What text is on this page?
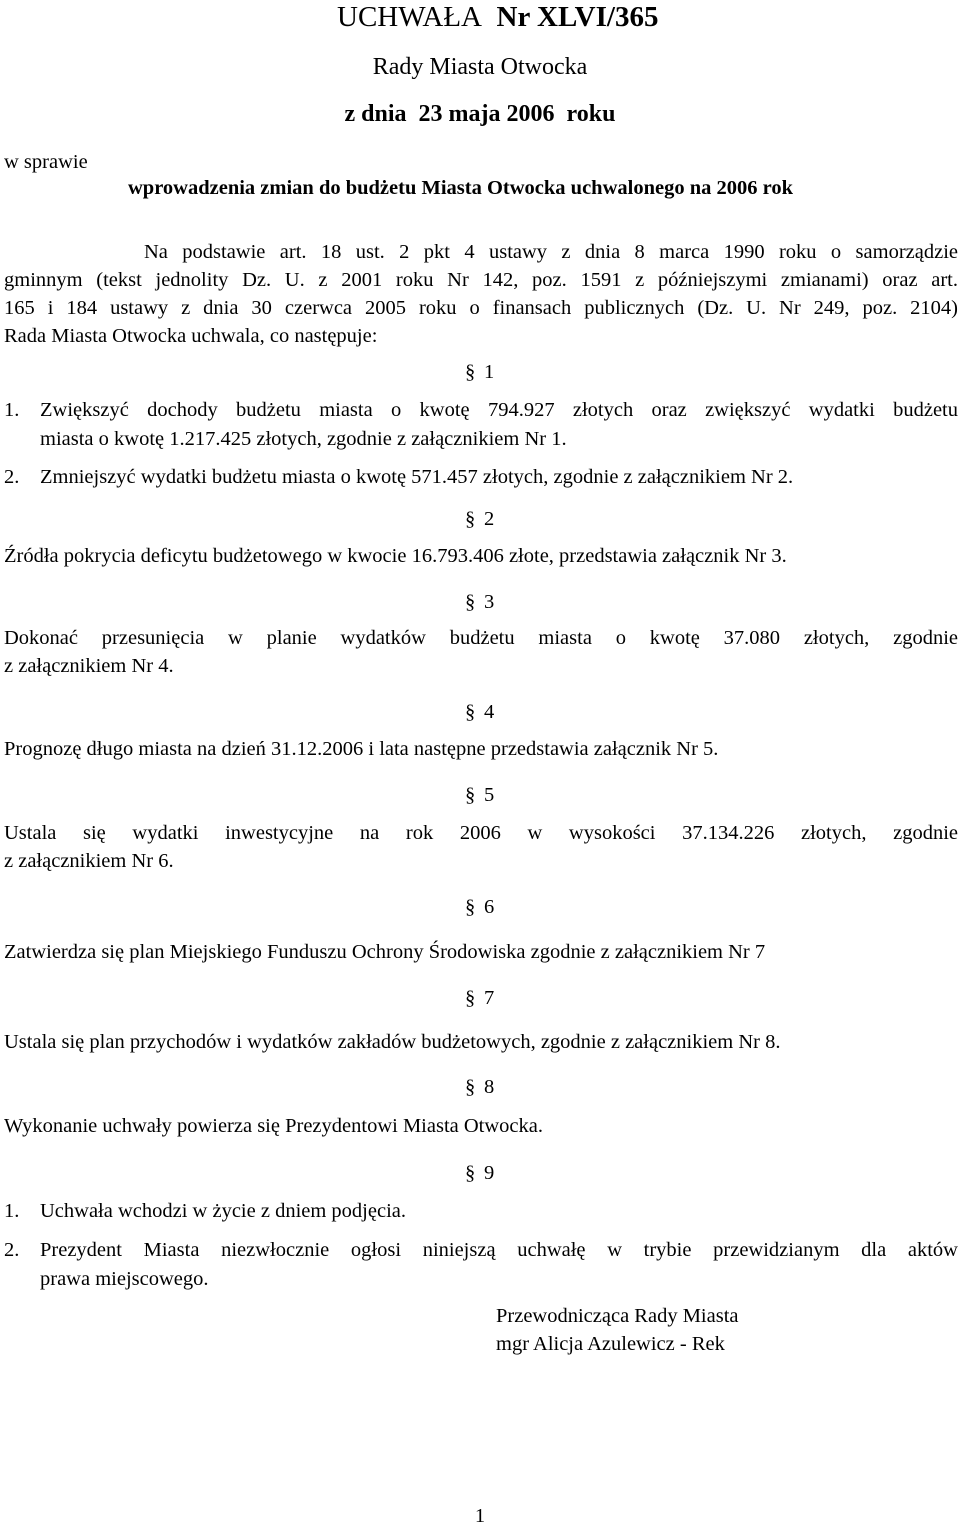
UCHWAŁA Nr XLVI/365
Rady Miasta Otwocka
z dnia  23 maja 2006  roku
w sprawie
wprowadzenia zmian do budżetu Miasta Otwocka uchwalonego na 2006 rok
Na podstawie art. 18 ust. 2 pkt 4 ustawy z dnia 8 marca 1990 roku o samorządzie
gminnym (tekst jednolity Dz. U. z 2001 roku Nr 142, poz. 1591 z późniejszymi zmianami) oraz art.
165 i 184 ustawy z dnia 30 czerwca 2005 roku o finansach publicznych (Dz. U. Nr 249, poz. 2104)
Rada Miasta Otwocka uchwala, co następuje:
§ 1
1. Zwiększyć dochody budżetu miasta o kwotę 794.927 złotych oraz zwiększyć wydatki budżetu
miasta o kwotę 1.217.425 złotych, zgodnie z załącznikiem Nr 1.
2. Zmniejszyć wydatki budżetu miasta o kwotę 571.457 złotych, zgodnie z załącznikiem Nr 2.
§ 2
Źródła pokrycia deficytu budżetowego w kwocie 16.793.406 złote, przedstawia załącznik Nr 3.
§ 3
Dokonać przesunięcia w planie wydatków budżetu miasta o kwotę 37.080 złotych, zgodnie
z załącznikiem Nr 4.
§ 4
Prognozę długo miasta na dzień 31.12.2006 i lata następne przedstawia załącznik Nr 5.
§ 5
Ustala się wydatki inwestycyjne na rok 2006 w wysokości 37.134.226 złotych, zgodnie
z załącznikiem Nr 6.
§ 6
Zatwierdza się plan Miejskiego Funduszu Ochrony Środowiska zgodnie z załącznikiem Nr 7
§ 7
Ustala się plan przychodów i wydatków zakładów budżetowych, zgodnie z załącznikiem Nr 8.
§ 8
Wykonanie uchwały powierza się Prezydentowi Miasta Otwocka.
§ 9
1. Uchwała wchodzi w życie z dniem podjęcia.
2. Prezydent Miasta niezwłocznie ogłosi niniejszą uchwałę w trybie przewidzianym dla aktów
prawa miejscowego.
Przewodnicząca Rady Miasta
mgr Alicja Azulewicz - Rek
1
